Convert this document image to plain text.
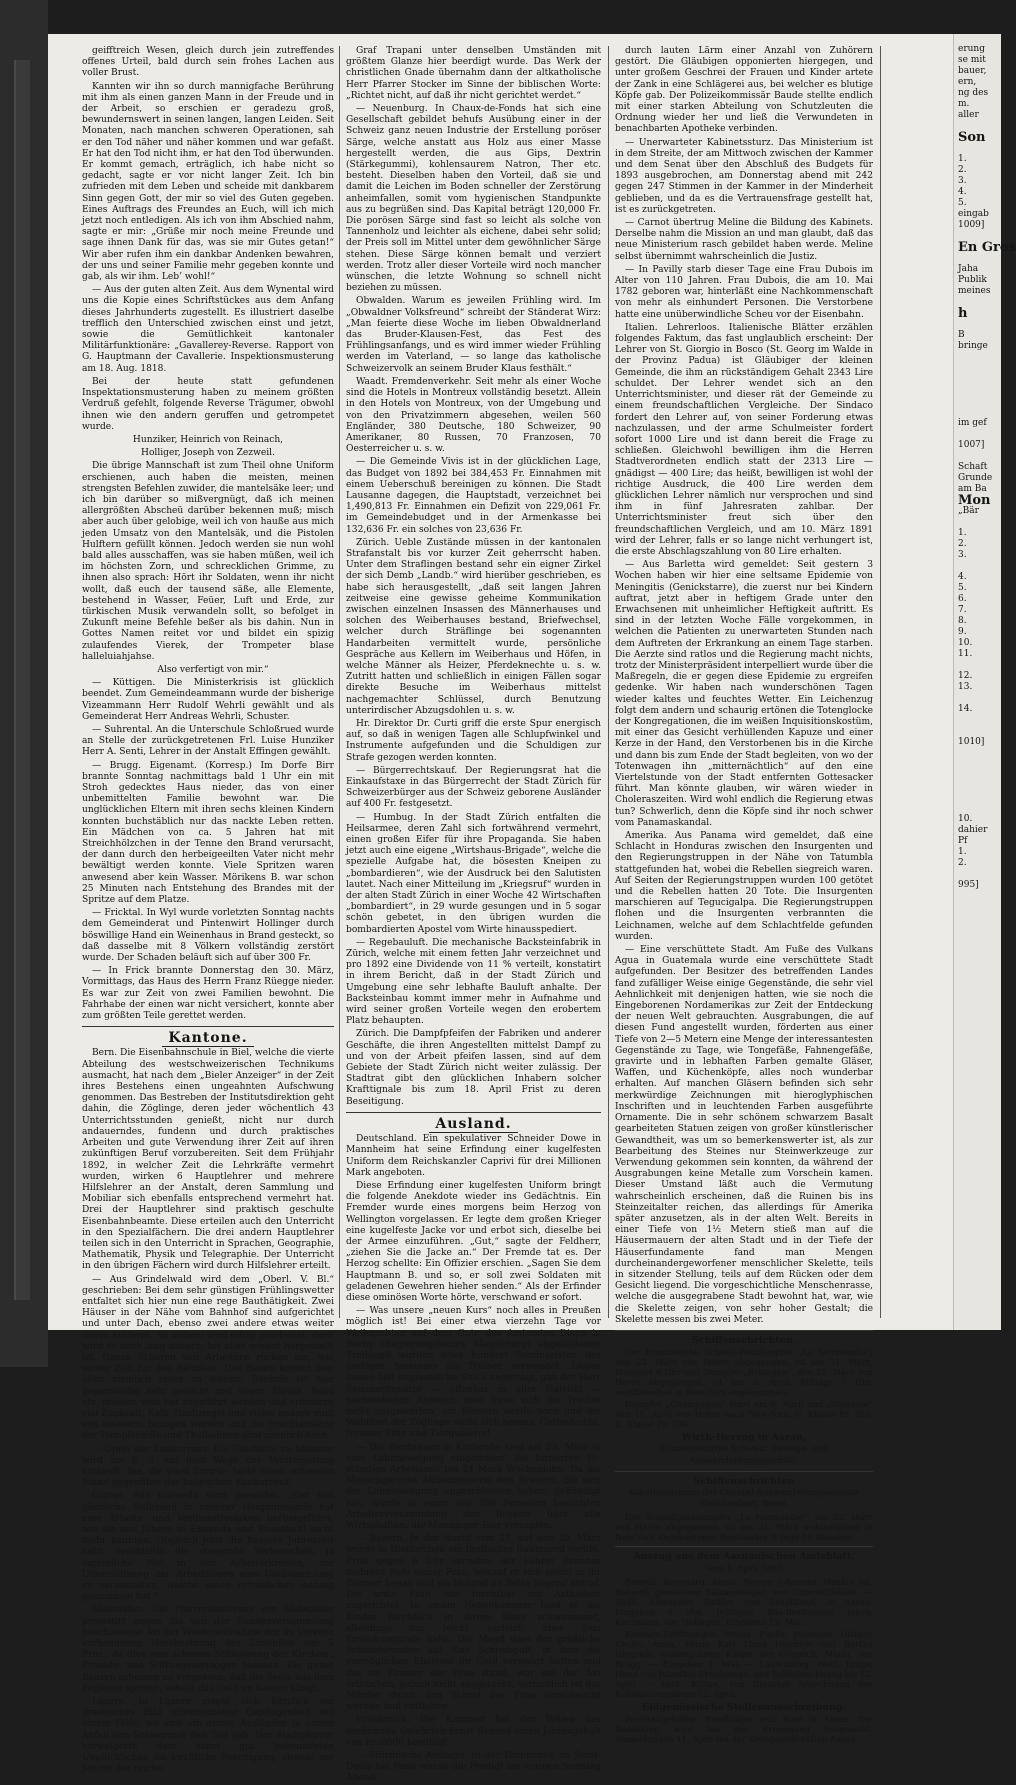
geifftreich Wesen, gleich durch jein zutreffendes offenes Urteil, bald durch sein frohes Lachen aus voller Brust.

Kannten wir ihn so durch mannigfache Berührung mit ihm als einen ganzen Mann in der Freude und in der Arbeit, so erschien er geradezu groß, bewundernswert in seinen langen, langen Leiden. Seit Monaten, nach manchen schweren Operationen, sah er den Tod näher und näher kommen und war gefaßt. Er hat den Tod nicht ihm, er hat den Tod überwunden. Er kommt gemach, erträglich, ich habe nicht so gedacht, sagte er vor nicht langer Zeit. Ich bin zufrieden mit dem Leben und scheide mit dankbarem Sinn gegen Gott, der mir so viel des Guten gegeben. Eines Auftrags des Freundes an Euch, will ich mich jetzt noch entledigen. Als ich von ihm Abschied nahm, sagte er mir: „Grüße mir noch meine Freunde und sage ihnen Dank für das, was sie mir Gutes getan!“ Wir aber rufen ihm ein dankbar Andenken bewahren, der uns und seiner Familie mehr gegeben konnte und gab, als wir ihm. Leb’ wohl!“

— Aus der guten alten Zeit. Aus dem Wynental wird uns die Kopie eines Schriftstückes aus dem Anfang dieses Jahrhunderts zugestellt. Es illustriert daselbe trefflich den Unterschied zwischen einst und jetzt, sowie die Gemütlichkeit kantonaler Militärfunktionäre: „Gavallerey-Reverse. Rapport von G. Hauptmann der Cavallerie. Inspektionsmusterung am 18. Aug. 1818.

Bei der heute statt gefundenen Inspektationsmusterung haben zu meinem größten Verdruß gefehlt, folgende Reverse Trägumer, obwohl ihnen wie den andern geruffen und getrompetet wurde.

Hunziker, Heinrich von Reinach,

Holliger, Joseph von Zezweil.

Die übrige Mannschaft ist zum Theil ohne Uniform erschienen, auch haben die meisten, meinen strengsten Befehlen zuwider, die mantelsäke leer; und ich bin darüber so mißvergnügt, daß ich meinen allergrößten Abscheü darüber bekennen muß; misch aber auch über gelobige, weil ich von hauße aus mich jeden Umsatz von den Mantelsäk, und die Pistolen Hulftern gefüllt können. Jedoch werden sie nun wohl bald alles ausschaffen, was sie haben müßen, weil ich im höchsten Zorn, und schrecklichen Grimme, zu ihnen also sprach: Hört ihr Soldaten, wenn ihr nicht wollt, daß euch der tausend säße, alle Elemente, bestehend in Wasser, Feüer, Luft und Erde, zur türkischen Musik verwandeln sollt, so befolget in Zukunft meine Befehle beßer als bis dahin. Nun in Gottes Namen reitet vor und bildet ein spizig zulaufendes Vierek, der Trompeter blase halleluiahjahse.

Also verfertigt von mir.“

— Küttigen. Die Ministerkrisis ist glücklich beendet. Zum Gemeindeammann wurde der bisherige Vizeammann Herr Rudolf Wehrli gewählt und als Gemeinderat Herr Andreas Wehrli, Schuster.

— Suhrental. An die Unterschule Schloßrued wurde an Stelle der zurückgetretenen Frl. Luise Hunziker Herr A. Senti, Lehrer in der Anstalt Effingen gewählt.

— Brugg. Eigenamt. (Korresp.) Im Dorfe Birr brannte Sonntag nachmittags bald 1 Uhr ein mit Stroh gedecktes Haus nieder, das von einer unbemittelten Familie bewohnt war. Die unglücklichen Eltern mit ihren sechs kleinen Kindern konnten buchstäblich nur das nackte Leben retten. Ein Mädchen von ca. 5 Jahren hat mit Streichhölzchen in der Tenne den Brand verursacht, der dann durch den herbeigeeilten Vater nicht mehr bewältigt werden konnte. Viele Spritzen waren anwesend aber kein Wasser. Mörikens B. war schon 25 Minuten nach Entstehung des Brandes mit der Spritze auf dem Platze.

— Fricktal. In Wyl wurde vorletzten Sonntag nachts dem Gemeinderat und Pintenwirt Hollinger durch böswillige Hand ein Weinenhaus in Brand gesteckt, so daß dasselbe mit 8 Völkern vollständig zerstört wurde. Der Schaden beläuft sich auf über 300 Fr.

— In Frick brannte Donnerstag den 30. März, Vormittags, das Haus des Herrn Franz Rüegge nieder. Es war zur Zeit von zwei Familien bewohnt. Die Fahrhabe der einen war nicht versichert, konnte aber zum größten Teile gerettet werden.

Kantone.

Bern. Die Eisenbahnschule in Biel, welche die vierte Abteilung des westschweizerischen Technikums ausmacht, hat nach dem „Bieler Anzeiger“ in der Zeit ihres Bestehens einen ungeahnten Aufschwung genommen. Das Bestreben der Institutsdirektion geht dahin, die Zöglinge, deren jeder wöchentlich 43 Unterrichtsstunden genießt, nicht nur durch andauerndes, fundenn und durch praktisches Arbeiten und gute Verwendung ihrer Zeit auf ihren zukünftigen Beruf vorzubereiten. Seit dem Frühjahr 1892, in welcher Zeit die Lehrkräfte vermehrt wurden, wirken 6 Hauptlehrer und mehrere Hilfslehrer an der Anstalt, deren Sammlung und Mobiliar sich ebenfalls entsprechend vermehrt hat. Drei der Hauptlehrer sind praktisch geschulte Eisenbahnbeamte. Diese erteilen auch den Unterricht in den Spezialfächern. Die drei andern Hauptlehrer teilen sich in den Unterricht in Sprachen, Geographie, Mathematik, Physik und Telegraphie. Der Unterricht in den übrigen Fächern wird durch Hilfslehrer erteilt.

— Aus Grindelwald wird dem „Oberl. V. Bl.“ geschrieben: Bei dem sehr günstigen Frühlingswetter entfaltet sich hier nun eine rege Bauthätigkeit. Zwei Häuser in der Nähe vom Bahnhof sind aufgerichtet und unter Dach, ebenso zwei andere etwas weiter davon entfernt. An andern wird eifrig gearbeitet, doch wird es noch lang dauern, bis alles wieder hergestellt ist. Ganze Scharen von Arbeitern rücken ein, wie seiner Zeit für den Bahnbau. Das Bauen kommt hier oben ziemlich teuer zu stehen; Bauholz ist hier gegenwärtig sehr gesucht und teuer; Steine, Sand etc. müssen weit her zugeführt werden und erfordern viel Zugkraft; Kalk, Dachziegel und vieles andere muß von auswärts bezogen werden und die Frachtansätze der Dampfschiffe und Thalbahnen sind ziemlich hoch.

— Opfer der Konkurrenz. Die Glashütte zu Münster wird am 8. d. auf dem Wege der Versteigerung verkauft. Sie, die einst florirte, hatte einen schweren Stand gegenüber der belgischen Konkurrenz.

Glarus. Aus Ennenda wird gemeldet: „Der fast gänzliche Stillstand in unserer Hauptindustrie hat eine Arbeits- und Verdienstlosigkeit herbeigeführt, wie sie seit Jahren in Ennenda und Ennetbühl nicht mehr kannten. Obgleich jetzt die bessere Jahreszeit naht, veranlaßte die steigende Verlegenheit, ja eigentliche Not in den Arbeiterkreisen, zur Unterstützung der Arbeitslosen eine Geldsammlung zu veranstalten, welche einen erfreulichen Anfang genommen hat.“

Nidwalden. Die Pfarrerkonferenz von Nidwalden protestirt gegen die von der Bundesversammlung beschlossene Art der Wiederaufnahme der im Verkehr vorhandenen Herabsetzung des Zinsfußes von 5 Proz., da dies eine schwere Schädigung der Kirchen-, Pfründe- und Stiftungsvermögen bedeute. Die guten Bauern scheinen zu vergessen, daß die Seele aus dem Fegfeuer springt, sobald das Geld im Kasten klingt.

Luzern. In Luzern zeigte sich kürzlich ein drastisches Bild ultramontaner Gepflogenheit bei einem Falle, wo sich ein armer Ausländer in einem Anfall von Schwermut den Tod gab. Der Stadtpfarrer verweigerte dem sonst gut beleumdeten Unglücklichen die kirchliche Beerdigung, obwohl vor Jahren der reiche

Graf Trapani unter denselben Umständen mit größtem Glanze hier beerdigt wurde. Das Werk der christlichen Gnade übernahm dann der altkatholische Herr Pfarrer Stocker im Sinne der biblischen Worte: „Richtet nicht, auf daß ihr nicht gerichtet werdet.“

— Neuenburg. In Chaux-de-Fonds hat sich eine Gesellschaft gebildet behufs Ausübung einer in der Schweiz ganz neuen Industrie der Erstellung poröser Särge, welche anstatt aus Holz aus einer Masse hergestellt werden, die aus Gips, Dextrin (Stärkegummi), kohlensaurem Natron, Ther etc. besteht. Dieselben haben den Vorteil, daß sie und damit die Leichen im Boden schneller der Zerstörung anheimfallen, somit vom hygienischen Standpunkte aus zu begrüßen sind. Das Kapital beträgt 120,000 Fr. Die porösen Särge sind fast so leicht als solche von Tannenholz und leichter als eichene, dabei sehr solid; der Preis soll im Mittel unter dem gewöhnlicher Särge stehen. Diese Särge können bemalt und verziert werden. Trotz aller dieser Vorteile wird noch mancher wünschen, die letzte Wohnung so schnell nicht beziehen zu müssen.

Obwalden. Warum es jeweilen Frühling wird. Im „Obwaldner Volksfreund“ schreibt der Ständerat Wirz: „Man feierte diese Woche im lieben Obwaldnerland das Bruder-Klausen-Fest, das Fest des Frühlingsanfangs, und es wird immer wieder Frühling werden im Vaterland, — so lange das katholische Schweizervolk an seinem Bruder Klaus festhält.“

Waadt. Fremdenverkehr. Seit mehr als einer Woche sind die Hotels in Montreux vollständig besetzt. Allein in den Hotels von Montreux, von der Umgebung und von den Privatzimmern abgesehen, weilen 560 Engländer, 380 Deutsche, 180 Schweizer, 90 Amerikaner, 80 Russen, 70 Franzosen, 70 Oesterreicher u. s. w.

— Die Gemeinde Vivis ist in der glücklichen Lage, das Budget von 1892 bei 384,453 Fr. Einnahmen mit einem Ueberschuß bereinigen zu können. Die Stadt Lausanne dagegen, die Hauptstadt, verzeichnet bei 1,490,813 Fr. Einnahmen ein Defizit von 229,061 Fr. im Gemeindebudget und in der Armenkasse bei 132,636 Fr. ein solches von 23,636 Fr.

Zürich. Ueble Zustände müssen in der kantonalen Strafanstalt bis vor kurzer Zeit geherrscht haben. Unter dem Straflingen bestand sehr ein eigner Zirkel der sich Demb „Landb.“ wird hierüber geschrieben, es habe sich herausgestellt, „daß seit langen Jahren zeitweise eine gewisse geheime Kommunikation zwischen einzelnen Insassen des Männerhauses und solchen des Weiberhauses bestand, Briefwechsel, welcher durch Sträflinge bei sogenannten Handarbeiten vermittelt wurde, persönliche Gespräche aus Kellern im Weiberhaus und Höfen, in welche Männer als Heizer, Pferdeknechte u. s. w. Zutritt hatten und schließlich in einigen Fällen sogar direkte Besuche im Weiberhaus mittelst nachgemachter Schlüssel, durch Benutzung unterirdischer Abzugsdohlen u. s. w.

Hr. Direktor Dr. Curti griff die erste Spur energisch auf, so daß in wenigen Tagen alle Schlupfwinkel und Instrumente aufgefunden und die Schuldigen zur Strafe gezogen werden konnten.

— Bürgerrechtskauf. Der Regierungsrat hat die Einkaufstaxe in das Bürgerrecht der Stadt Zürich für Schweizerbürger aus der Schweiz geborene Ausländer auf 400 Fr. festgesetzt.

— Humbug. In der Stadt Zürich entfalten die Heilsarmee, deren Zahl sich fortwährend vermehrt, einen großen Eifer für ihre Propaganda. Sie haben jetzt auch eine eigene „Wirtshaus-Brigade“, welche die spezielle Aufgabe hat, die bösesten Kneipen zu „bombardieren“, wie der Ausdruck bei den Salutisten lautet. Nach einer Mitteilung im „Kriegsruf“ wurden in der alten Stadt Zürich in einer Woche 42 Wirtschaften „bombardiert“, in 29 wurde gesungen und in 5 sogar schön gebetet, in den übrigen wurden die bombardierten Apostel vom Wirte hinausspediert.

— Regebauluft. Die mechanische Backsteinfabrik in Zürich, welche mit einem fetten Jahr verzeichnet und pro 1892 eine Dividende von 11 % verteilt, konstatirt in ihrem Bericht, daß in der Stadt Zürich und Umgebung eine sehr lebhafte Bauluft anhalte. Der Backsteinbau kommt immer mehr in Aufnahme und wird seiner großen Vorteile wegen den erobertem Platz behaupten.

Zürich. Die Dampfpfeifen der Fabriken und anderer Geschäfte, die ihren Angestellten mittelst Dampf zu und von der Arbeit pfeifen lassen, sind auf dem Gebiete der Stadt Zürich nicht weiter zulässig. Der Stadtrat gibt den glücklichen Inhabern solcher Krafttignale bis zum 18. April Frist zu deren Beseitigung.

Ausland.

Deutschland. Ein spekulativer Schneider Dowe in Mannheim hat seine Erfindung einer kugelfesten Uniform dem Reichskanzler Caprivi für drei Millionen Mark angeboten.

Diese Erfindung einer kugelfesten Uniform bringt die folgende Anekdote wieder ins Gedächtnis. Ein Fremder wurde eines morgens beim Herzog von Wellington vorgelassen. Er legte dem großen Krieger eine kugelfeste Jacke vor und erbot sich, dieselbe bei der Armee einzuführen. „Gut,“ sagte der Feldherr, „ziehen Sie die Jacke an.“ Der Fremde tat es. Der Herzog schellte: Ein Offizier erschien. „Sagen Sie dem Hauptmann B. und so, er soll zwei Soldaten mit geladenen Gewehren hieher senden.“ Als der Erfinder diese ominösen Worte hörte, verschwand er sofort.

— Was unsere „neuen Kurs“ noch alles in Preußen möglich ist! Bei einer etwa vierzehn Tage vor Weihnachten auf dem Gute des Amtsrates Diepe in Barby (Regierungsbezirk Magdeburg) abgehaltenen Treibjagd wurden etwa hundert Seminaristen des dortigen Seminars als Treiber verwendet. Lieber dieses fast unglaubliche Stück angefragt, gab der Herr Seminardirektor — offenbar in aller Naivität — nachstehende Antwort: man freue sich die Treiber nicht ausgewerfen, um Bessere werde noch und die Wahrheit der Zöglinge stelle sich heraus, Gottesfurcht, fromme Sitte und Tierquälerei!

— Die Bierbrauer in Karlsruhe sind am 29. März in eine Lohnbewegung eingetreten. Sie forderten 10-stündige Arbeitszeit bei 24 Mark Wochenlohn. Da die Monningersche Aktienbrauerei den Brauern, die sich der Lohnbewegung angeschlossen haben, gekündigt hat, wurde in einer von 600 Personen besuchten Arbeiterversammlung den Boykott über alle Wirtschaften, die Monninger-Bier verzapfen.

— Bayern. In der Nacht vom 27. auf den 28. März wurde in Dietfurchen ein fünffacher Raubmord verübt. Früh gegen 6 Uhr vernahm der Lehrer Brunner mehrere Rufe seiner Frau, worauf er sich sofort in ihr Zimmer begab und sie blutend im Bette liegend antraf. Die arme Frau war furchtbar mit Axthieben zugerichtet. In einem Nebenkammer fand er die Kinder fürchtlich in ihrem Blute schwimmend, allerdings nur leicht verletzt, aber dem Erstickungstode nahe. Die Magd wies der gräßliche Schädelwunden auf. Das Schreibpult, in dem die vermöglichen Eheleute ihr Geld verwahrt hatten und das im Zimmer der Frau stand, war mit der Axt erbrochen, jedoch nicht ausgeraubt, vermutlich ist der Mörder durch den Schrei der Frau verscheucht worden und entflohen.

Frankreich. Die Kammer hat der Witwe des berühmten Gelehrten Ernst Renans einen Jahresgehalt von Fr. 6000 bewilligt.

— Stürmische Andacht. In der Domkirche zu Saint-Denis bei Paris wurde die Predigt am vorigen Sonntag Abend

durch lauten Lärm einer Anzahl von Zuhörern gestört. Die Gläubigen opponierten hiergegen, und unter großem Geschrei der Frauen und Kinder artete der Zank in eine Schlägerei aus, bei welcher es blutige Köpfe gab. Der Polizeikommissär Baude stellte endlich mit einer starken Abteilung von Schutzleuten die Ordnung wieder her und ließ die Verwundeten in benachbarten Apotheke verbinden.

— Unerwarteter Kabinetssturz. Das Ministerium ist in dem Streite, der am Mittwoch zwischen der Kammer und dem Senat über den Abschluß des Budgets für 1893 ausgebrochen, am Donnerstag abend mit 242 gegen 247 Stimmen in der Kammer in der Minderheit geblieben, und da es die Vertrauensfrage gestellt hat, ist es zurückgetreten.

— Carnot übertrug Meline die Bildung des Kabinets. Derselbe nahm die Mission an und man glaubt, daß das neue Ministerium rasch gebildet haben werde. Meline selbst übernimmt wahrscheinlich die Justiz.

— In Pavilly starb dieser Tage eine Frau Dubois im Alter von 110 Jahren. Frau Dubois, die am 10. Mai 1782 geboren war, hinterläßt eine Nachkommenschaft von mehr als einhundert Personen. Die Verstorbene hatte eine unüberwindliche Scheu vor der Eisenbahn.

Italien. Lehrerloos. Italienische Blätter erzählen folgendes Faktum, das fast unglaublich erscheint: Der Lehrer von St. Giorgio in Bosco (St. Georg im Walde in der Provinz Padua) ist Gläubiger der kleinen Gemeinde, die ihm an rückständigem Gehalt 2343 Lire schuldet. Der Lehrer wendet sich an den Unterrichtsminister, und dieser rät der Gemeinde zu einem freundschaftlichen Vergleiche. Der Sindaco fordert den Lehrer auf, von seiner Forderung etwas nachzulassen, und der arme Schulmeister fordert sofort 1000 Lire und ist dann bereit die Frage zu schließen. Gleichwohl bewilligen ihm die Herren Stadtverordneten endlich statt der 2313 Lire — gnädigst — 400 Lire; das heißt, bewilligen ist wohl der richtige Ausdruck, die 400 Lire werden dem glücklichen Lehrer nämlich nur versprochen und sind ihm in fünf Jahresraten zahlbar. Der Unterrichtsminister freut sich über den freundschaftlichen Vergleich, und am 10. März 1891 wird der Lehrer, falls er so lange nicht verhungert ist, die erste Abschlagszahlung von 80 Lire erhalten.

— Aus Barletta wird gemeldet: Seit gestern 3 Wochen haben wir hier eine seltsame Epidemie von Meningitis (Genickstarre), die zuerst nur bei Kindern auftrat, jetzt aber in heftigem Grade unter den Erwachsenen mit unheimlicher Heftigkeit auftritt. Es sind in der letzten Woche Fälle vorgekommen, in welchen die Patienten zu unerwarteten Stunden nach dem Auftreten der Erkrankung an einem Tage starben. Die Aerzte sind ratlos und die Regierung macht nichts, trotz der Ministerpräsident interpelliert wurde über die Maßregeln, die er gegen diese Epidemie zu ergreifen gedenke. Wir haben nach wunderschönen Tagen wieder kaltes und feuchtes Wetter. Ein Leichenzug folgt dem andern und schaurig ertönen die Totenglocke der Kongregationen, die im weißen Inquisitionskostüm, mit einer das Gesicht verhüllenden Kapuze und einer Kerze in der Hand, den Verstorbenen bis in die Kirche und dann bis zum Ende der Stadt begleiten, von wo der Totenwagen ihn „mitternächtlich“ auf den eine Viertelstunde von der Stadt entfernten Gottesacker führt. Man könnte glauben, wir wären wieder in Choleraszeiten. Wird wohl endlich die Regierung etwas tun? Schwerlich, denn die Köpfe sind ihr noch schwer vom Panamaskandal.

Amerika. Aus Panama wird gemeldet, daß eine Schlacht in Honduras zwischen den Insurgenten und den Regierungstruppen in der Nähe von Tatumbla stattgefunden hat, wobei die Rebellen siegreich waren. Auf Seiten der Regierungstruppen wurden 100 getötet und die Rebellen hatten 20 Tote. Die Insurgenten marschieren auf Tegucigalpa. Die Regierungstruppen flohen und die Insurgenten verbrannten die Leichnamen, welche auf dem Schlachtfelde gefunden wurden.

— Eine verschüttete Stadt. Am Fuße des Vulkans Agua in Guatemala wurde eine verschüttete Stadt aufgefunden. Der Besitzer des betreffenden Landes fand zufälliger Weise einige Gegenstände, die sehr viel Aehnlichkeit mit denjenigen hatten, wie sie noch die Eingeborenen Nordamerikas zur Zeit der Entdeckung der neuen Welt gebrauchten. Ausgrabungen, die auf diesen Fund angestellt wurden, förderten aus einer Tiefe von 2—5 Metern eine Menge der interessantesten Gegenstände zu Tage, wie Tongefäße, Fahnengefäße, gravirte und in lebhaften Farben gemalte Gläser, Waffen, und Küchenköpfe, alles noch wunderbar erhalten. Auf manchen Gläsern befinden sich sehr merkwürdige Zeichnungen mit hieroglyphischen Inschriften und in leuchtenden Farben ausgeführte Ornamente. Die in sehr schönem schwarzem Basalt gearbeiteten Statuen zeigen von großer künstlerischer Gewandtheit, was um so bemerkenswerter ist, als zur Bearbeitung des Steines nur Steinwerkzeuge zur Verwendung gekommen sein konnten, da während der Ausgrabungen keine Metalle zum Vorschein kamen. Dieser Umstand läßt auch die Vermutung wahrscheinlich erscheinen, daß die Ruinen bis ins Steinzeitalter reichen, das allerdings für Amerika später anzusetzen, als in der alten Welt. Bereits in einer Tiefe von 1½ Metern stieß man auf die Häusermauern der alten Stadt und in der Tiefe der Häuserfundamente fand man Mengen durcheinandergeworfener menschlicher Skelette, teils in sitzender Stellung, teils auf dem Rücken oder dem Gesicht liegend. Die vorgeschichtliche Menschenrasse, welche die ausgegrabene Stadt bewohnt hat, war, wie die Skelette zeigen, von sehr hoher Gestalt; die Skelette messen bis zwei Meter.

Schiffsnachrichten.

Der französische Schnell-Postdampfer „La Normandie“, den 22. März von Havre abgegangen, ist am 31. März, Morgens 8 Uhr und Dampfer „Bretagne“, den 25. März von Havre abgegangen, ist am 2. April, Mittags 1 Uhr, wohlbehalten in New-York angekommen.

Dampfer „Champagne“ fährt am 8. April und „Touraine“ den 15. April von Havre nach New-York. II. Klasse Fr. 200. II. Klasse Fr. 300.

Wirth-Herzog in Aarau,
Konzessionirtes Schweiz. Passage- und Auswanderungsgeschäft.
Schiffsnachrichten
Kabeltelegramm der General-Auswanderungsagentur Zwilchenbart, Basel.

Der Schnellpostdampfer „La Normandie“, am 22. März von Havre abgegangen, ist am 31. März wohlbehalten in New-York angekommen. Reisedauer 8 Tage 16 Stunden.

Auszug aus dem Aargauischen Amtsblatt.
Vom 1. April 1893

Benefiz. Inventarii. Aarau. Rytner, Johannes, Hanfen sel. Bleuenf, gewesener Salzauswäger, von Unterentfelden. — Süßli, Alexander, Sattler, von Schöftland, in Aarau. Eingaben 6 Mai. Jeßinger, Bäe-Breitenrain Jakob, Kaufmann, von Hofingen. Eingaben 13. Mai.

Konkurs-Eröffnungen. Brugg. Fuchs, Johannes, Ottiger, Cecile, Anna, Maria Karl Linus Heinrich und Bertha Gingrich, minderjährige Kinder des Gingrich, Maria, von Brugg. — Eingaben 1. Mai. — Laufenburg. Weiß. Jüngst Hand von Jttenthal Urteilsungs- und Schlußrechnung bis 12. April — Maß. Killian, von Jttenthal Anrechnung des Kollokationsplanes 12. April.

Eidgenössische Stellenausschreibung.

Poststallgehilfen, Briefträger und Bote in Aarau. Die Besoldung wird bei der Ernennung festgesetzt. Anmeldungen 11. April bei der Kreispostdirektion Aarau.

erung
se mit
bauer,
ern,
ng des
m.
aller

Son

1.
2.
3.
4.
5.
eingab
1009]

En Gros

Jaha
Publik
meines

h

B
bringe

im gef

1007]

Schaft
Grunde
am Ba
Mon
„Bär

1.
2.
3.

4.
5.
6.
7.
8.
9.
10.
11.

12.
13.

14.

1010]

10.
dahier
Pf
1.
2.

995]
